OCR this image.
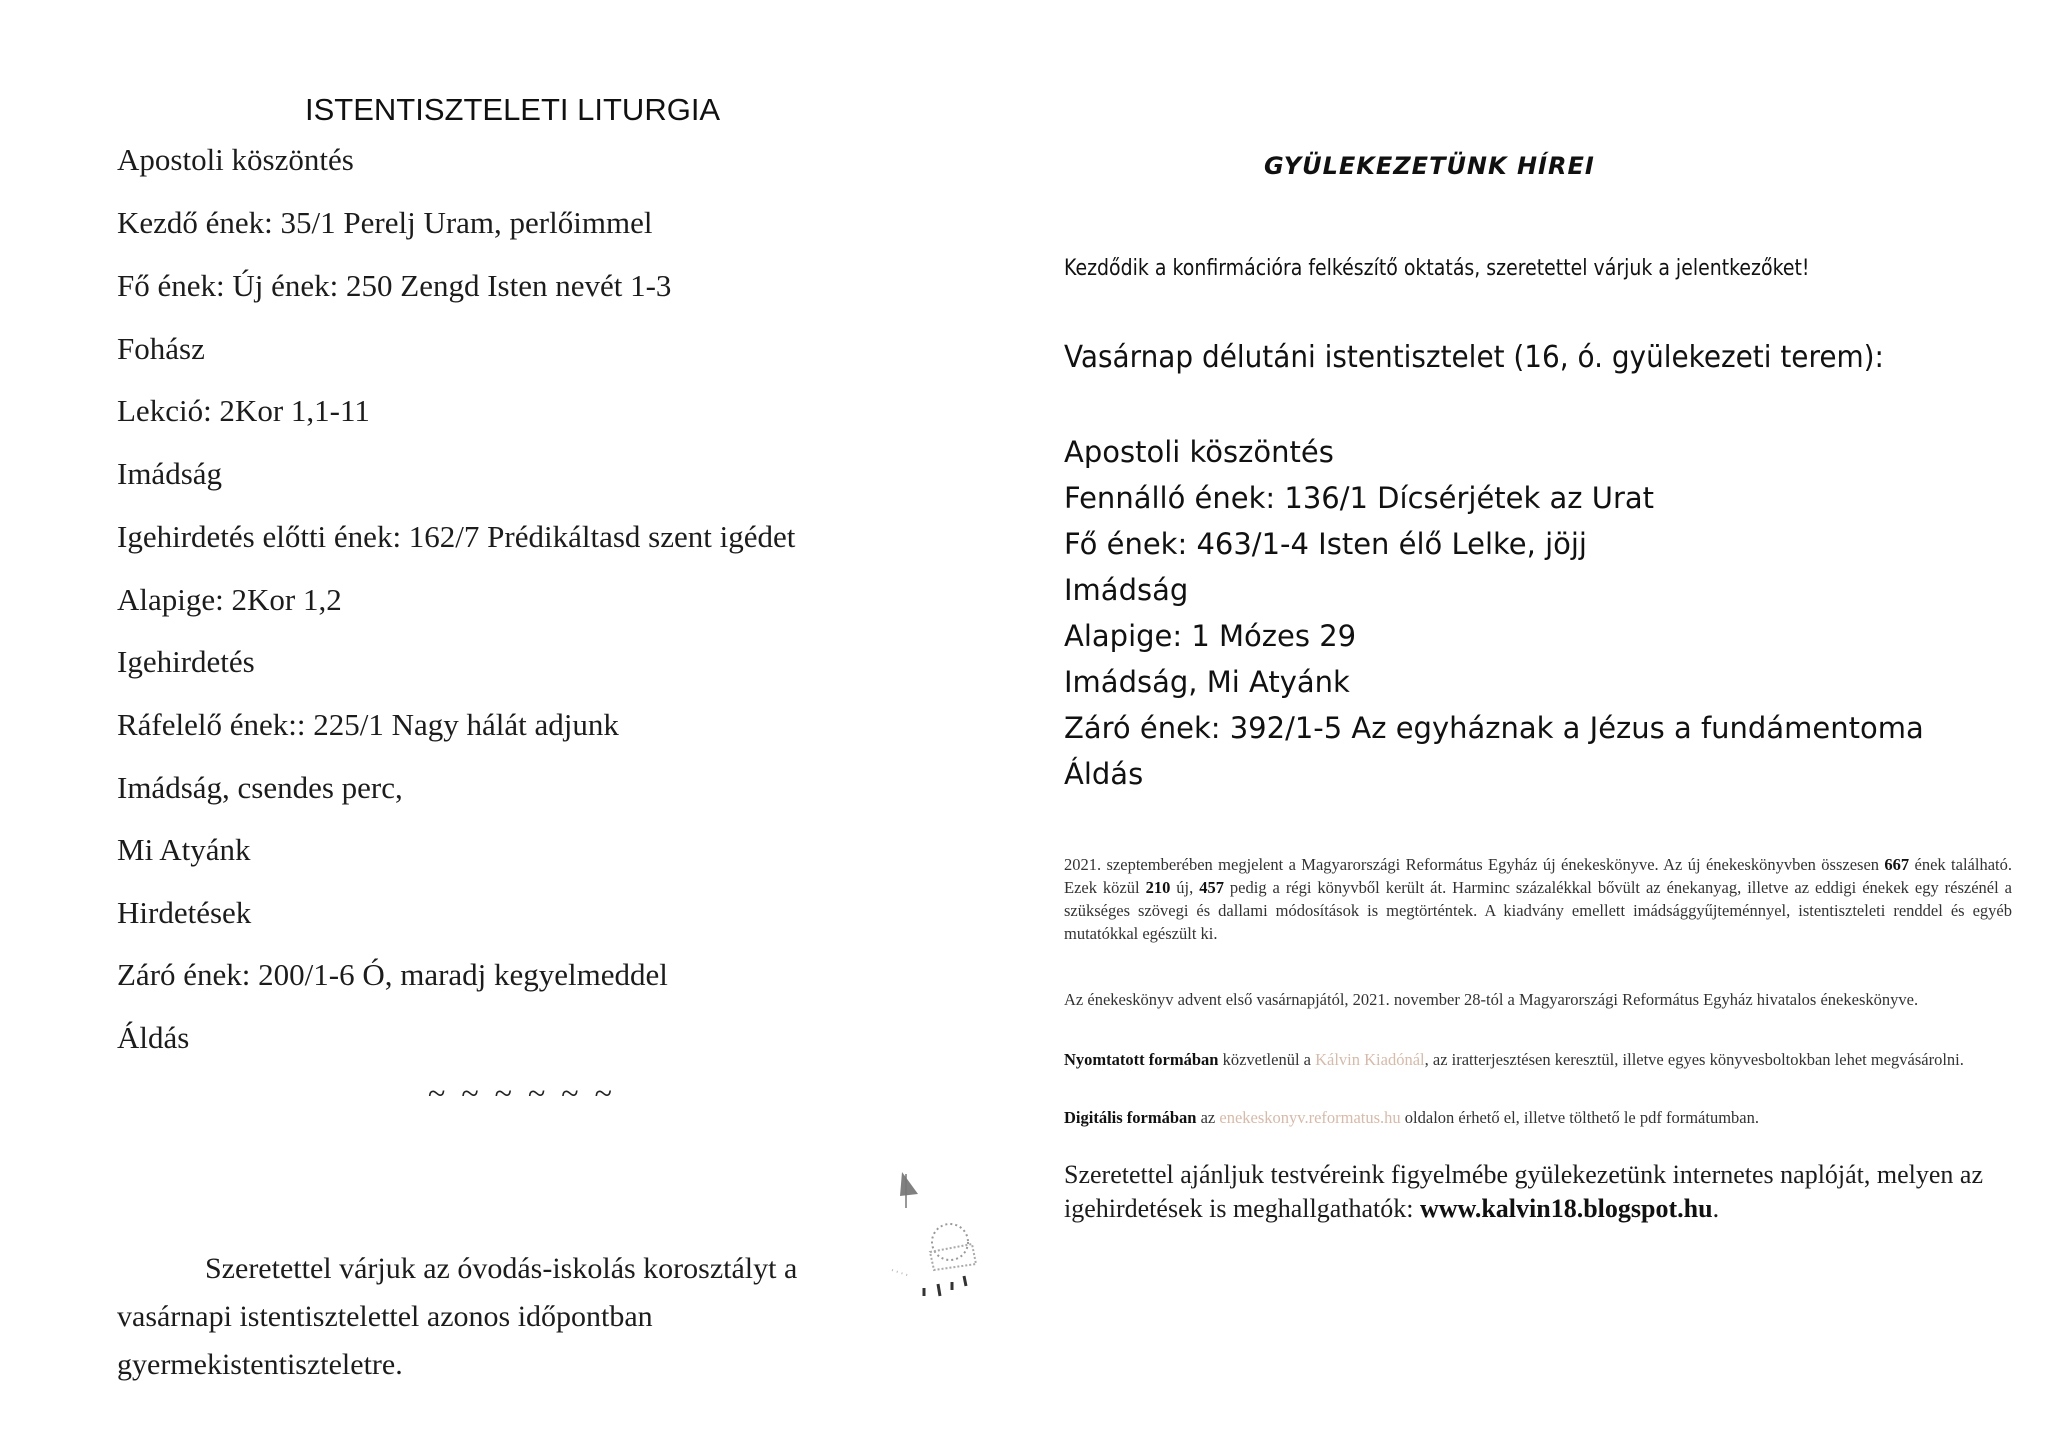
ISTENTISZTELETI LITURGIA
Apostoli köszöntés
Kezdő ének: 35/1 Perelj Uram, perlőimmel
Fő ének: Új ének: 250 Zengd Isten nevét 1-3
Fohász
Lekció: 2Kor 1,1-11
Imádság
Igehirdetés előtti ének: 162/7 Prédikáltasd szent igédet
Alapige: 2Kor 1,2
Igehirdetés
Ráfelelő ének:: 225/1 Nagy hálát adjunk
Imádság, csendes perc,
Mi Atyánk
Hirdetések
Záró ének: 200/1-6 Ó, maradj kegyelmeddel
Áldás
~ ~ ~ ~ ~ ~
Szeretettel várjuk az óvodás-iskolás korosztályt a vasárnapi istentisztelettel azonos időpontban gyermekistentiszteletre.
GYÜLEKEZETÜNK HÍREI
Kezdődik a konfirmációra felkészítő oktatás, szeretettel várjuk a jelentkezőket!
Vasárnap délutáni istentisztelet (16, ó. gyülekezeti terem):
Apostoli köszöntés
Fennálló ének: 136/1 Dícsérjétek az Urat
Fő ének: 463/1-4 Isten élő Lelke, jöjj
Imádság
Alapige: 1 Mózes 29
Imádság, Mi Atyánk
Záró ének: 392/1-5 Az egyháznak a Jézus a fundámentoma
Áldás
2021. szeptemberében megjelent a Magyarországi Református Egyház új énekeskönyve. Az új énekeskönyvben összesen 667 ének található. Ezek közül 210 új, 457 pedig a régi könyvből került át. Harminc százalékkal bővült az énekanyag, illetve az eddigi énekek egy részénél a szükséges szövegi és dallami módosítások is megtörténtek. A kiadvány emellett imádsággyűjteménnyel, istentiszteleti renddel és egyéb mutatókkal egészült ki.
Az énekeskönyv advent első vasárnapjától, 2021. november 28-tól a Magyarországi Református Egyház hivatalos énekeskönyve.
Nyomtatott formában közvetlenül a Kálvin Kiadónál, az iratterjesztésen keresztül, illetve egyes könyvesboltokban lehet megvásárolni.
Digitális formában az enekeskonyv.reformatus.hu oldalon érhető el, illetve tölthető le pdf formátumban.
Szeretettel ajánljuk testvéreink figyelmébe gyülekezetünk internetes naplóját, melyen az igehirdetések is meghallgathatók: www.kalvin18.blogspot.hu.
